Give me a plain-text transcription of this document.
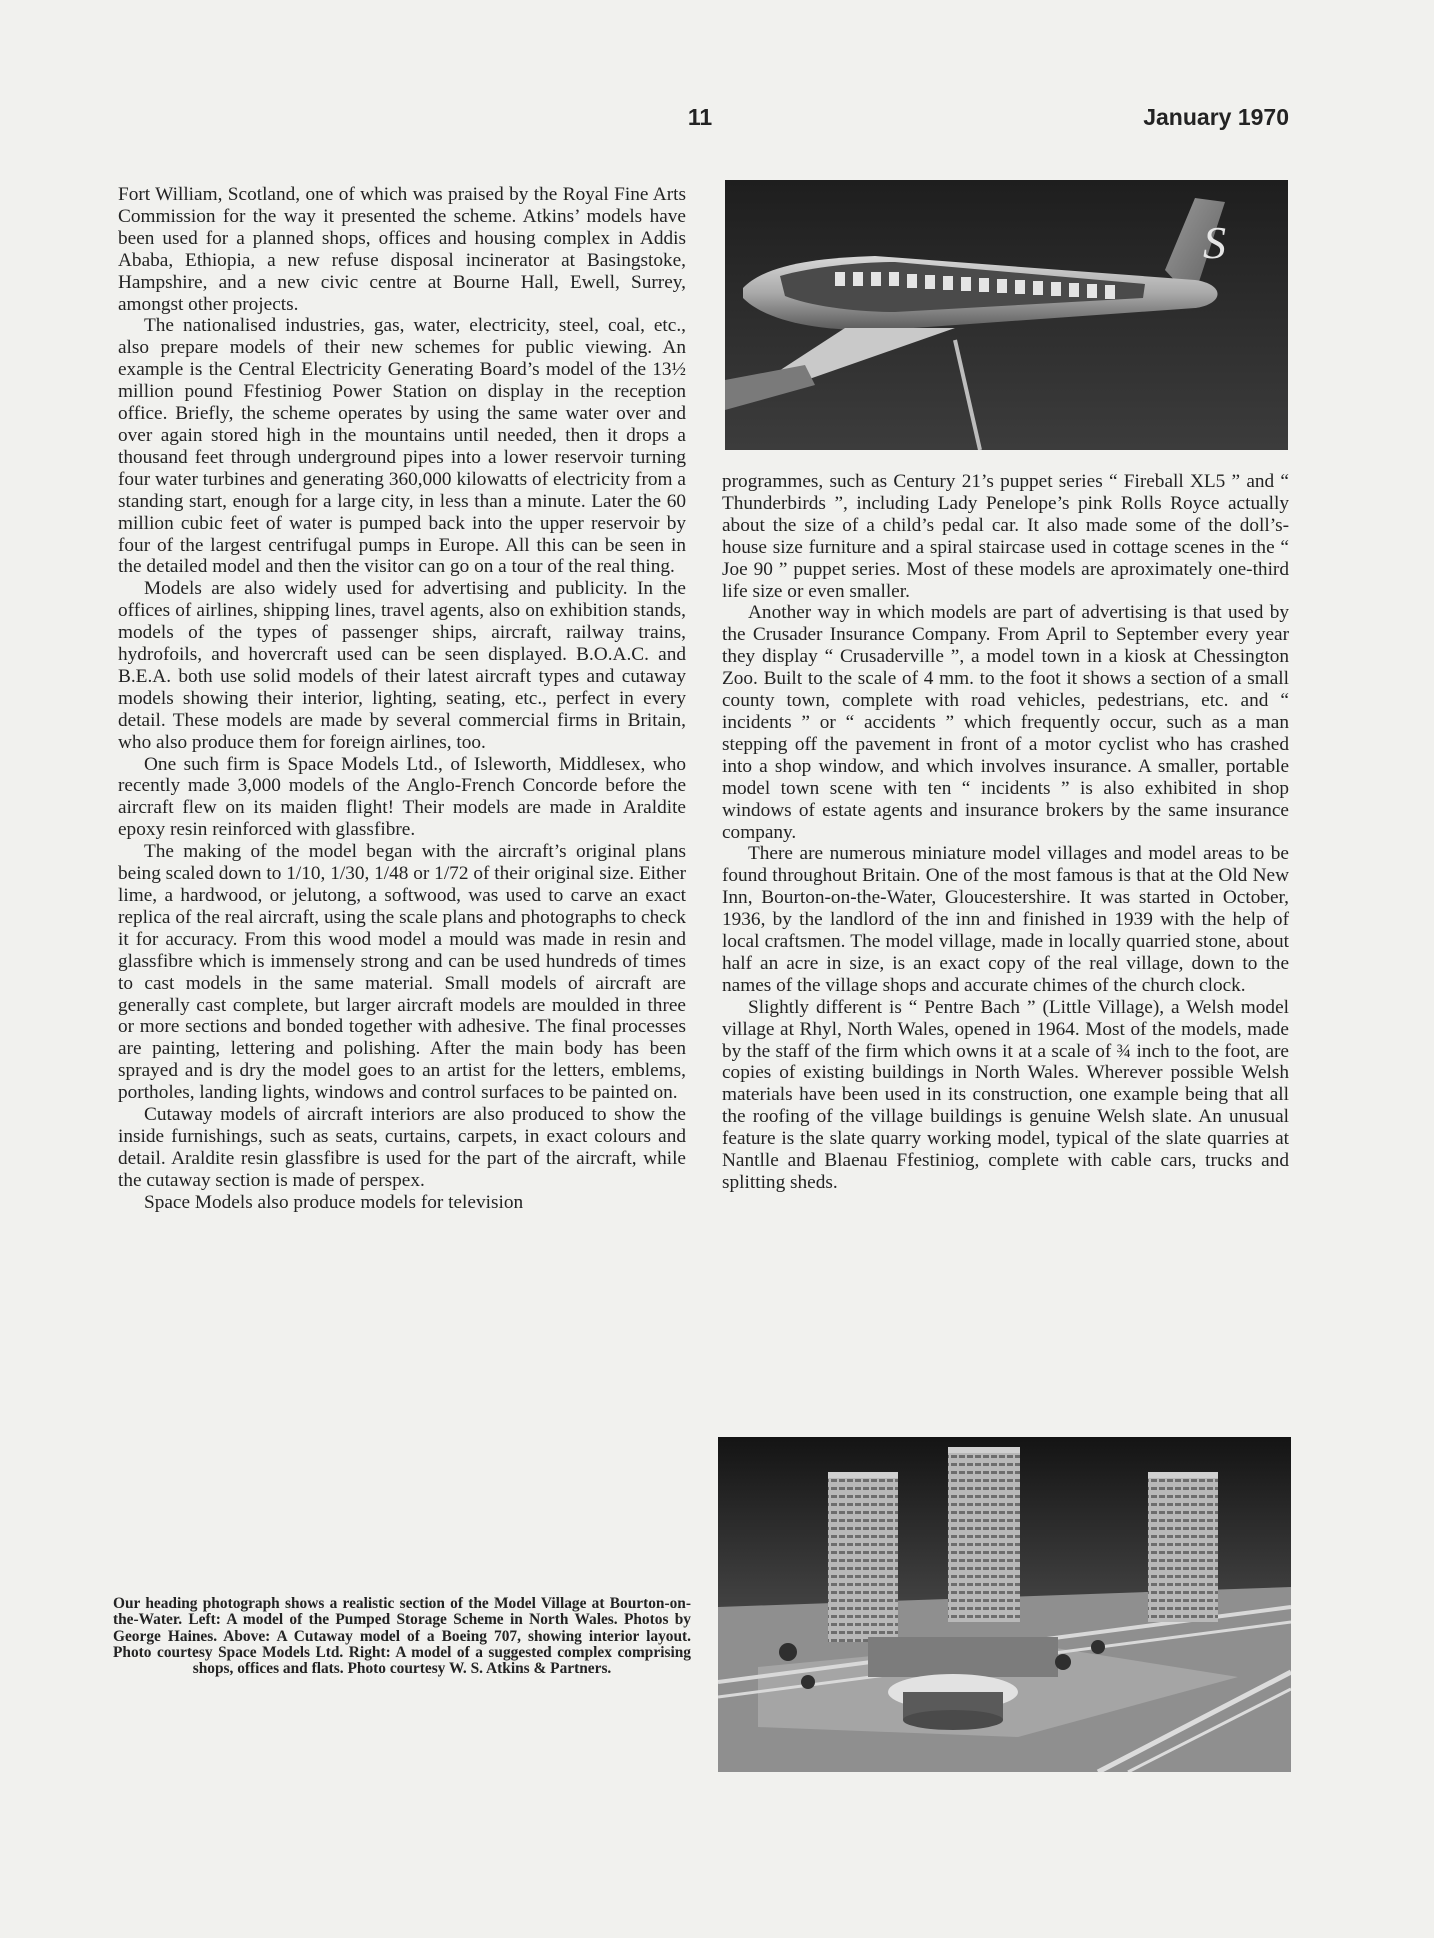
11	January 1970

Fort William, Scotland, one of which was praised by the Royal Fine Arts Commission for the way it presented the scheme. Atkins’ models have been used for a planned shops, offices and housing complex in Addis Ababa, Ethiopia, a new refuse disposal incinerator at Basingstoke, Hampshire, and a new civic centre at Bourne Hall, Ewell, Surrey, amongst other projects.

The nationalised industries, gas, water, electricity, steel, coal, etc., also prepare models of their new schemes for public viewing. An example is the Central Electricity Generating Board’s model of the 13½ million pound Ffestiniog Power Station on display in the reception office. Briefly, the scheme operates by using the same water over and over again stored high in the mountains until needed, then it drops a thousand feet through underground pipes into a lower reservoir turning four water turbines and generating 360,000 kilowatts of electricity from a standing start, enough for a large city, in less than a minute. Later the 60 million cubic feet of water is pumped back into the upper reservoir by four of the largest centrifugal pumps in Europe. All this can be seen in the detailed model and then the visitor can go on a tour of the real thing.

Models are also widely used for advertising and publicity. In the offices of airlines, shipping lines, travel agents, also on exhibition stands, models of the types of passenger ships, aircraft, railway trains, hydrofoils, and hovercraft used can be seen displayed. B.O.A.C. and B.E.A. both use solid models of their latest aircraft types and cutaway models showing their interior, lighting, seating, etc., perfect in every detail. These models are made by several commercial firms in Britain, who also produce them for foreign airlines, too.

One such firm is Space Models Ltd., of Isleworth, Middlesex, who recently made 3,000 models of the Anglo-French Concorde before the aircraft flew on its maiden flight! Their models are made in Araldite epoxy resin reinforced with glassfibre.

The making of the model began with the aircraft’s original plans being scaled down to 1/10, 1/30, 1/48 or 1/72 of their original size. Either lime, a hardwood, or jelutong, a softwood, was used to carve an exact replica of the real aircraft, using the scale plans and photographs to check it for accuracy. From this wood model a mould was made in resin and glassfibre which is immensely strong and can be used hundreds of times to cast models in the same material. Small models of aircraft are generally cast complete, but larger aircraft models are moulded in three or more sections and bonded together with adhesive. The final processes are painting, lettering and polishing. After the main body has been sprayed and is dry the model goes to an artist for the letters, emblems, portholes, landing lights, windows and control surfaces to be painted on.

Cutaway models of aircraft interiors are also produced to show the inside furnishings, such as seats, curtains, carpets, in exact colours and detail. Araldite resin glassfibre is used for the part of the aircraft, while the cutaway section is made of perspex.

Space Models also produce models for television

S

programmes, such as Century 21’s puppet series “ Fireball XL5 ” and “ Thunderbirds ”, including Lady Penelope’s pink Rolls Royce actually about the size of a child’s pedal car. It also made some of the doll’s-house size furniture and a spiral staircase used in cottage scenes in the “ Joe 90 ” puppet series. Most of these models are aproximately one-third life size or even smaller.

Another way in which models are part of advertising is that used by the Crusader Insurance Company. From April to September every year they display “ Crusaderville ”, a model town in a kiosk at Chessington Zoo. Built to the scale of 4 mm. to the foot it shows a section of a small county town, complete with road vehicles, pedestrians, etc. and “ incidents ” or “ accidents ” which frequently occur, such as a man stepping off the pavement in front of a motor cyclist who has crashed into a shop window, and which involves insurance. A smaller, portable model town scene with ten “ incidents ” is also exhibited in shop windows of estate agents and insurance brokers by the same insurance company.

There are numerous miniature model villages and model areas to be found throughout Britain. One of the most famous is that at the Old New Inn, Bourton-on-the-Water, Gloucestershire. It was started in October, 1936, by the landlord of the inn and finished in 1939 with the help of local craftsmen. The model village, made in locally quarried stone, about half an acre in size, is an exact copy of the real village, down to the names of the village shops and accurate chimes of the church clock.

Slightly different is “ Pentre Bach ” (Little Village), a Welsh model village at Rhyl, North Wales, opened in 1964. Most of the models, made by the staff of the firm which owns it at a scale of ¾ inch to the foot, are copies of existing buildings in North Wales. Wherever possible Welsh materials have been used in its construction, one example being that all the roofing of the village buildings is genuine Welsh slate. An unusual feature is the slate quarry working model, typical of the slate quarries at Nantlle and Blaenau Ffestiniog, complete with cable cars, trucks and splitting sheds.

Our heading photograph shows a realistic section of the Model Village at Bourton-on-the-Water. Left: A model of the Pumped Storage Scheme in North Wales. Photos by George Haines. Above: A Cutaway model of a Boeing 707, showing interior layout. Photo courtesy Space Models Ltd. Right: A model of a suggested complex comprising shops, offices and flats. Photo courtesy W. S. Atkins & Partners.
